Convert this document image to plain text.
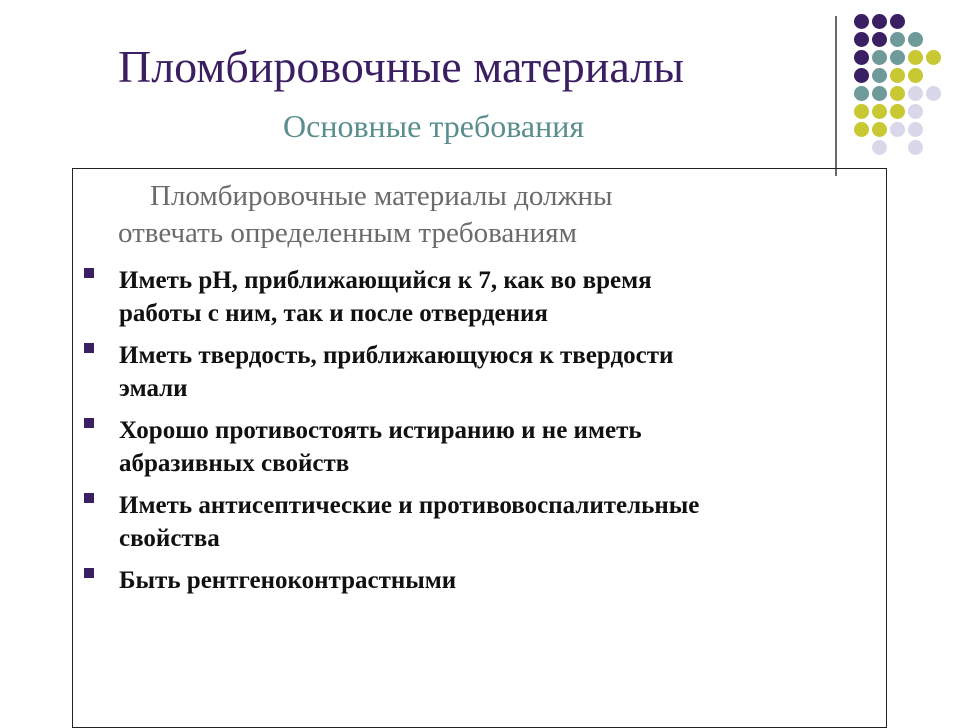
Пломбировочные материалы
Основные требования
Пломбировочные материалы должны
отвечать определенным требованиям
Иметь рН, приближающийся к 7, как во время
работы с ним, так и после отвердения
Иметь твердость, приближающуюся к твердости
эмали
Хорошо противостоять истиранию и не иметь
абразивных свойств
Иметь антисептические и противовоспалительные
свойства
Быть рентгеноконтрастными
